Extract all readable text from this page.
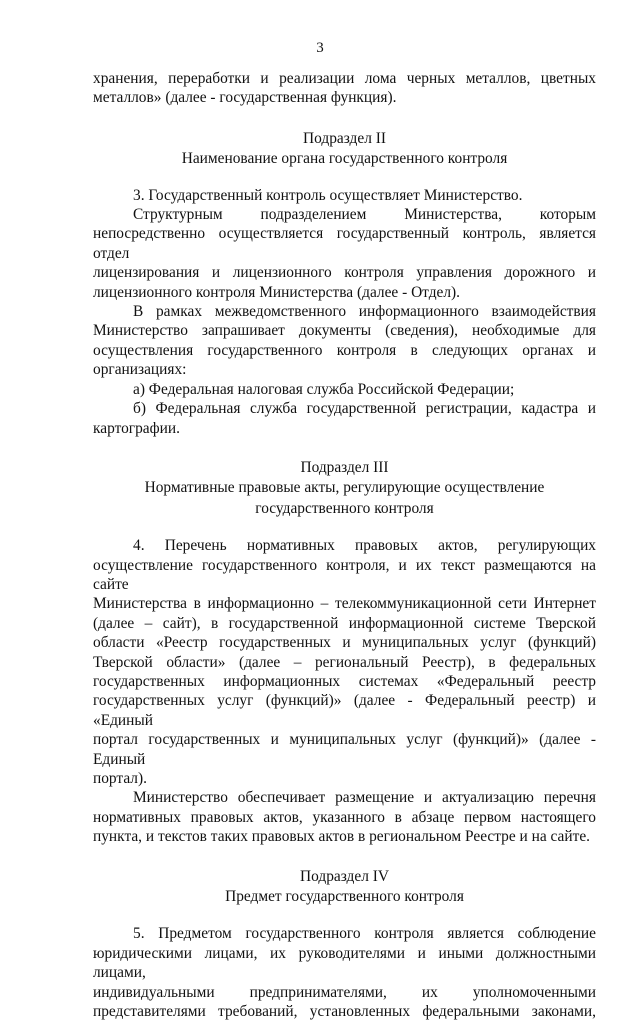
3
хранения, переработки и реализации лома черных металлов, цветных
металлов» (далее - государственная функция).

Подраздел II

Наименование органа государственного контроля

3. Государственный контроль осуществляет Министерство.

Структурным подразделением Министерства, которым
непосредственно осуществляется государственный контроль, является отдел
лицензирования и лицензионного контроля управления дорожного и
лицензионного контроля Министерства (далее - Отдел).
В рамках межведомственного информационного взаимодействия
Министерство запрашивает документы (сведения), необходимые для
осуществления государственного контроля в следующих органах и
организациях:

а) Федеральная налоговая служба Российской Федерации;

б) Федеральная служба государственной регистрации, кадастра и
картографии.

Подраздел III

Нормативные правовые акты, регулирующие осуществление

государственного контроля

4. Перечень нормативных правовых актов, регулирующих
осуществление государственного контроля, и их текст размещаются на сайте
Министерства в информационно – телекоммуникационной сети Интернет
(далее – сайт), в государственной информационной системе Тверской
области «Реестр государственных и муниципальных услуг (функций)
Тверской области» (далее – региональный Реестр), в федеральных
государственных информационных системах «Федеральный реестр
государственных услуг (функций)» (далее - Федеральный реестр) и «Единый
портал государственных и муниципальных услуг (функций)» (далее - Единый
портал).
Министерство обеспечивает размещение и актуализацию перечня
нормативных правовых актов, указанного в абзаце первом настоящего
пункта, и текстов таких правовых актов в региональном Реестре и на сайте.

Подраздел IV

Предмет государственного контроля

5. Предметом государственного контроля является соблюдение
юридическими лицами, их руководителями и иными должностными лицами,
индивидуальными предпринимателями, их уполномоченными
представителями требований, установленных федеральными законами,
